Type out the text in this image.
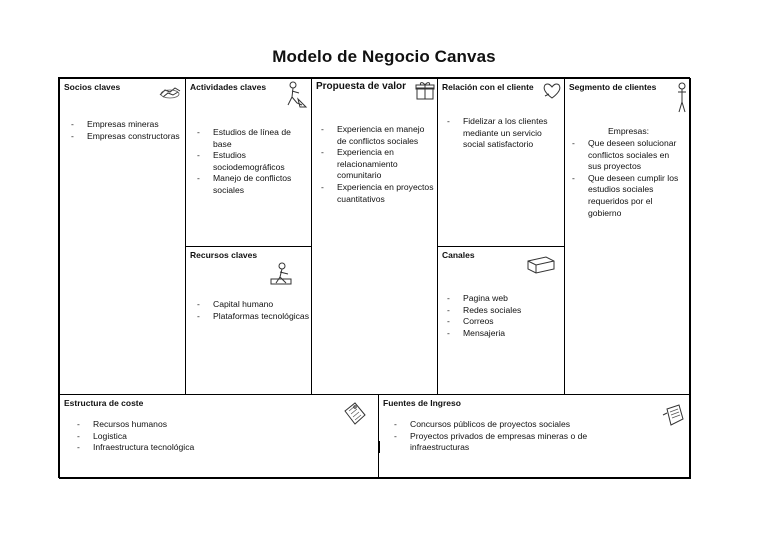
Modelo de Negocio Canvas
Socios claves
- Empresas mineras
- Empresas constructoras
Actividades claves
- Estudios de línea de base
- Estudios sociodemográficos
- Manejo de conflictos sociales
Recursos claves
- Capital humano
- Plataformas tecnológicas
Propuesta de valor
- Experiencia en manejo de conflictos sociales
- Experiencia en relacionamiento comunitario
- Experiencia en proyectos cuantitativos
Relación con el cliente
- Fidelizar a los clientes mediante un servicio social satisfactorio
Canales
- Pagina web
- Redes sociales
- Correos
- Mensajeria
Segmento de clientes
Empresas:
- Que deseen solucionar conflictos sociales en sus proyectos
- Que deseen cumplir los estudios sociales requeridos por el gobierno
Estructura de coste
- Recursos humanos
- Logistica
- Infraestructura tecnológica
Fuentes de Ingreso
- Concursos públicos de proyectos sociales
- Proyectos privados de empresas mineras o de infraestructuras
